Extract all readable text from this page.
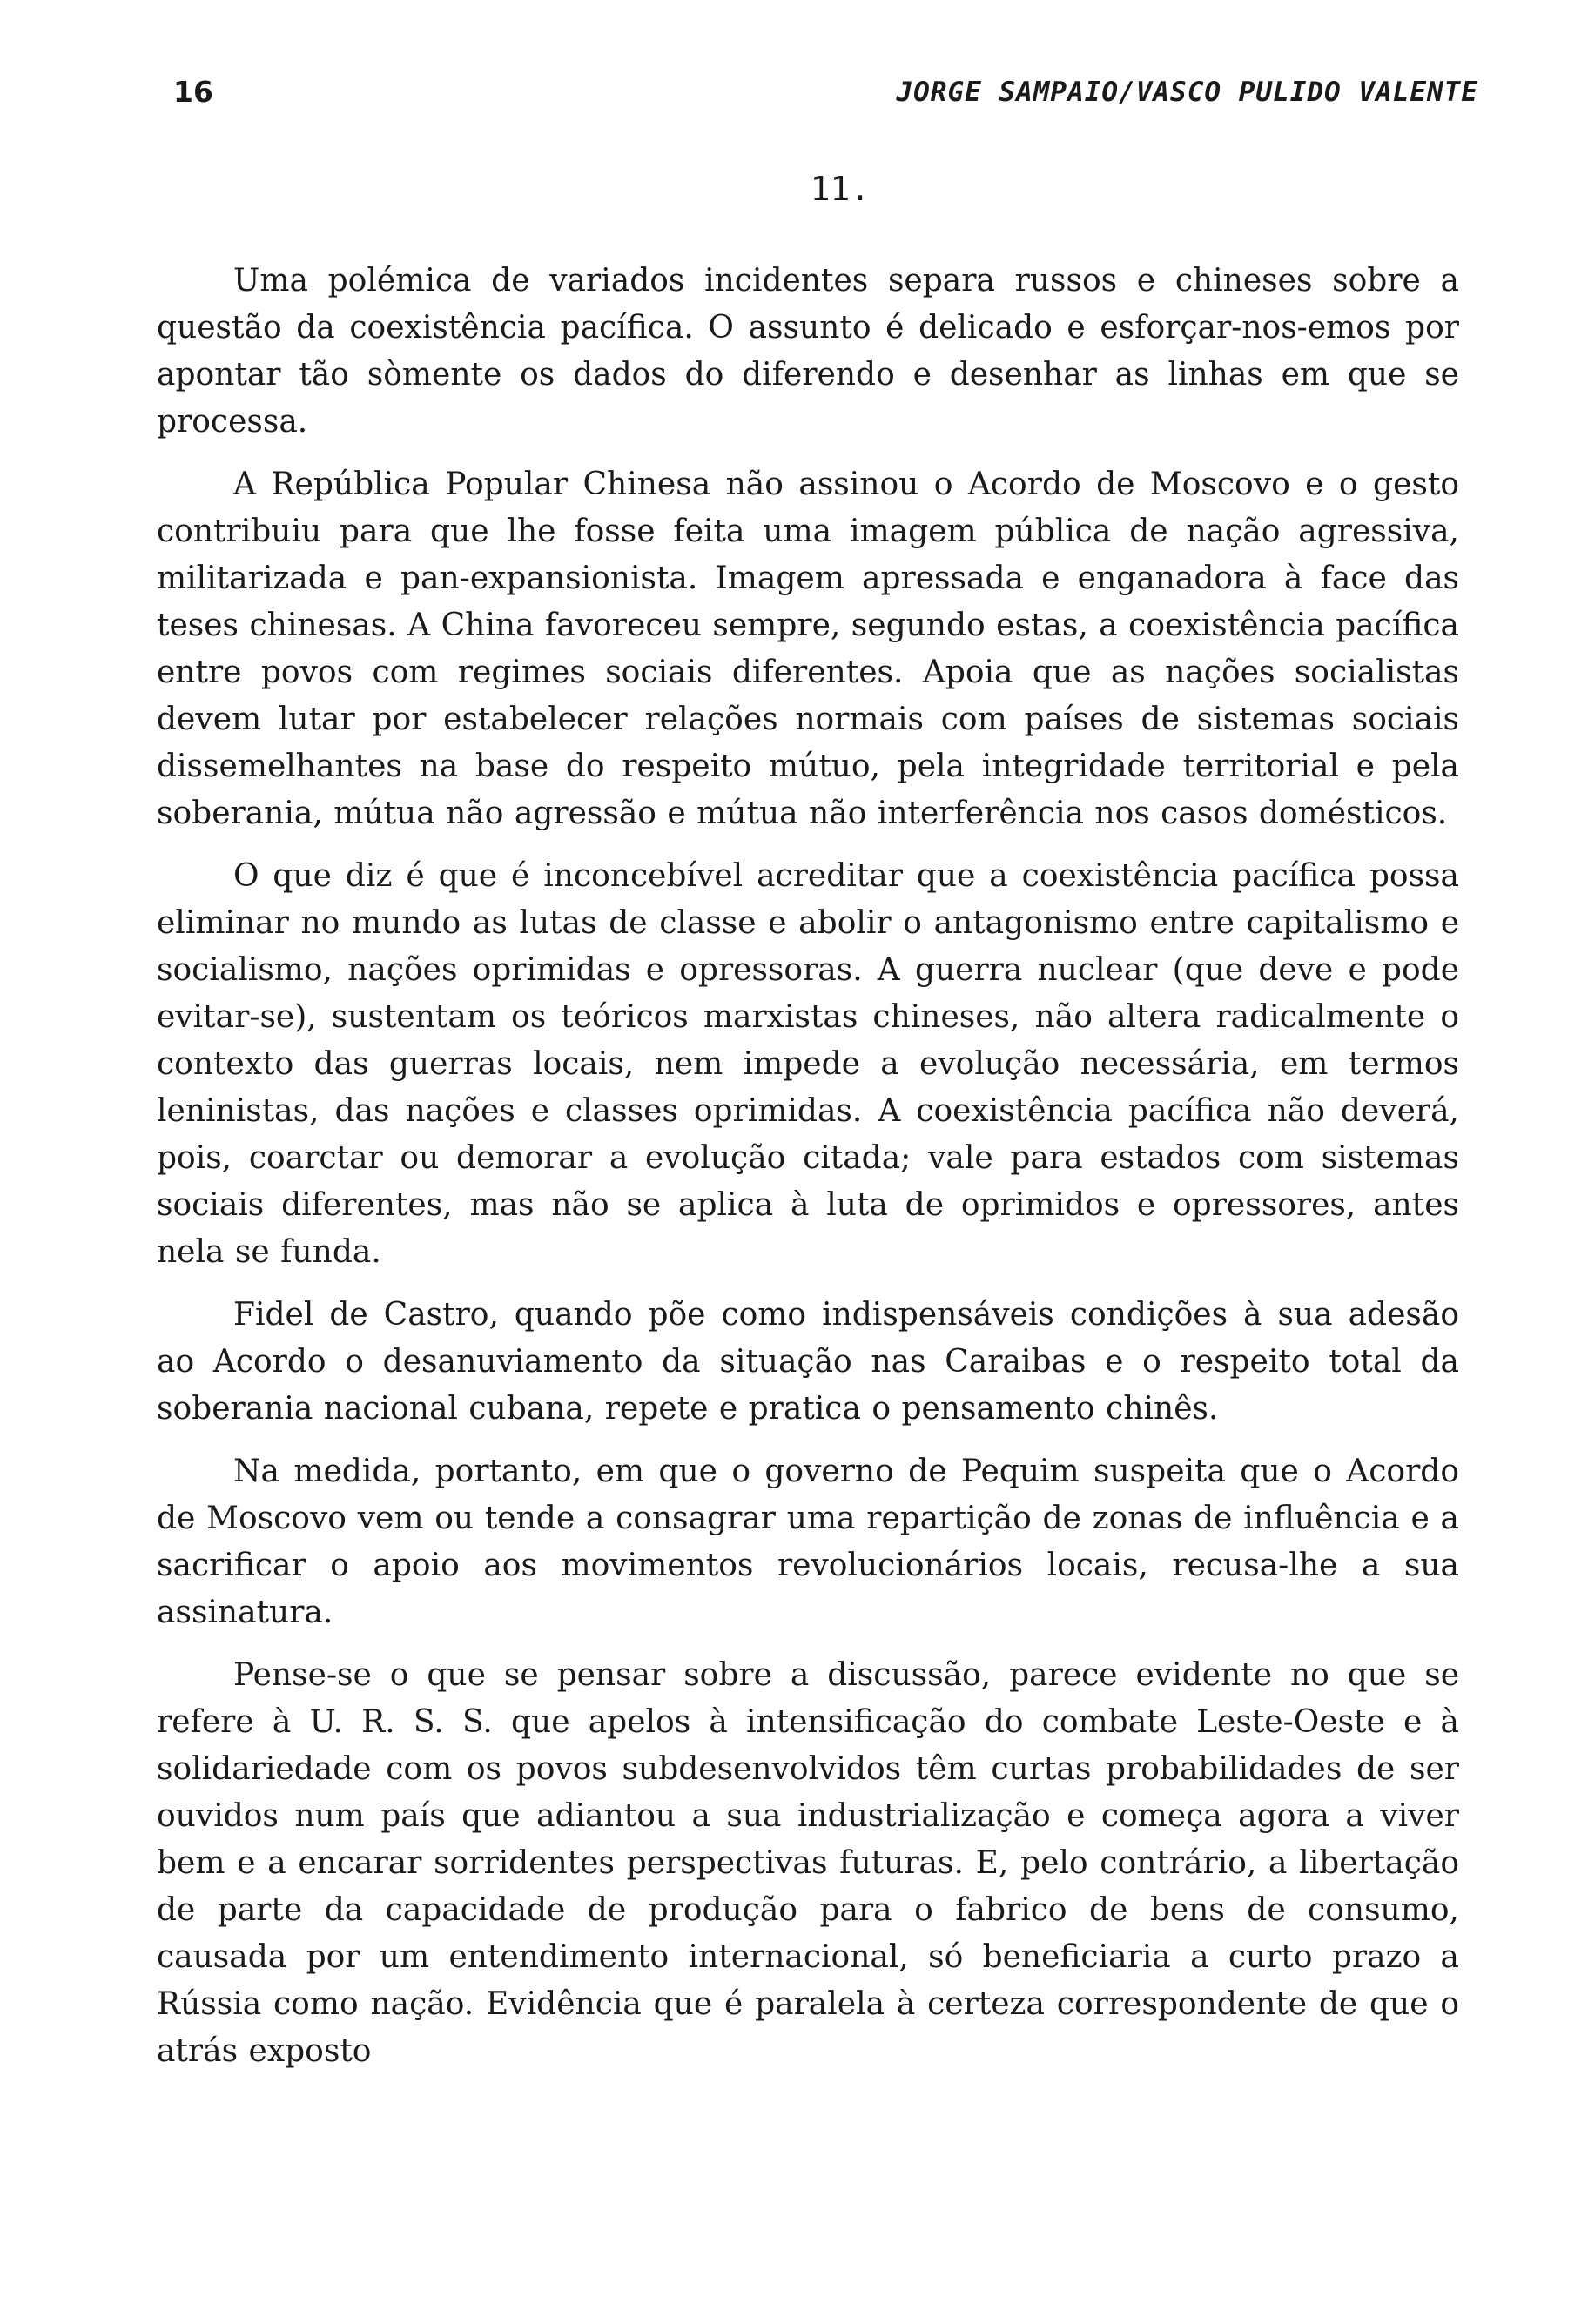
16	JORGE SAMPAIO/VASCO PULIDO VALENTE
11.

Uma polémica de variados incidentes separa russos e chineses sobre a questão da coexistência pacífica. O assunto é delicado e esforçar-nos-emos por apontar tão sòmente os dados do diferendo e desenhar as linhas em que se processa.

A República Popular Chinesa não assinou o Acordo de Moscovo e o gesto contribuiu para que lhe fosse feita uma imagem pública de nação agressiva, militarizada e pan-expansionista. Imagem apressada e enganadora à face das teses chinesas. A China favoreceu sempre, segundo estas, a coexistência pacífica entre povos com regimes sociais diferentes. Apoia que as nações socialistas devem lutar por estabelecer relações normais com países de sistemas sociais dissemelhantes na base do respeito mútuo, pela integridade territorial e pela soberania, mútua não agressão e mútua não interferência nos casos domésticos.

O que diz é que é inconcebível acreditar que a coexistência pacífica possa eliminar no mundo as lutas de classe e abolir o antagonismo entre capitalismo e socialismo, nações oprimidas e opressoras. A guerra nuclear (que deve e pode evitar-se), sustentam os teóricos marxistas chineses, não altera radicalmente o contexto das guerras locais, nem impede a evolução necessária, em termos leninistas, das nações e classes oprimidas. A coexistência pacífica não deverá, pois, coarctar ou demorar a evolução citada; vale para estados com sistemas sociais diferentes, mas não se aplica à luta de oprimidos e opressores, antes nela se funda.

Fidel de Castro, quando põe como indispensáveis condições à sua adesão ao Acordo o desanuviamento da situação nas Caraibas e o respeito total da soberania nacional cubana, repete e pratica o pensamento chinês.

Na medida, portanto, em que o governo de Pequim suspeita que o Acordo de Moscovo vem ou tende a consagrar uma repartição de zonas de influência e a sacrificar o apoio aos movimentos revolucionários locais, recusa-lhe a sua assinatura.

Pense-se o que se pensar sobre a discussão, parece evidente no que se refere à U. R. S. S. que apelos à intensificação do combate Leste-Oeste e à solidariedade com os povos subdesenvolvidos têm curtas probabilidades de ser ouvidos num país que adiantou a sua industrialização e começa agora a viver bem e a encarar sorridentes perspectivas futuras. E, pelo contrário, a libertação de parte da capacidade de produção para o fabrico de bens de consumo, causada por um entendimento internacional, só beneficiaria a curto prazo a Rússia como nação. Evidência que é paralela à certeza correspondente de que o atrás exposto
